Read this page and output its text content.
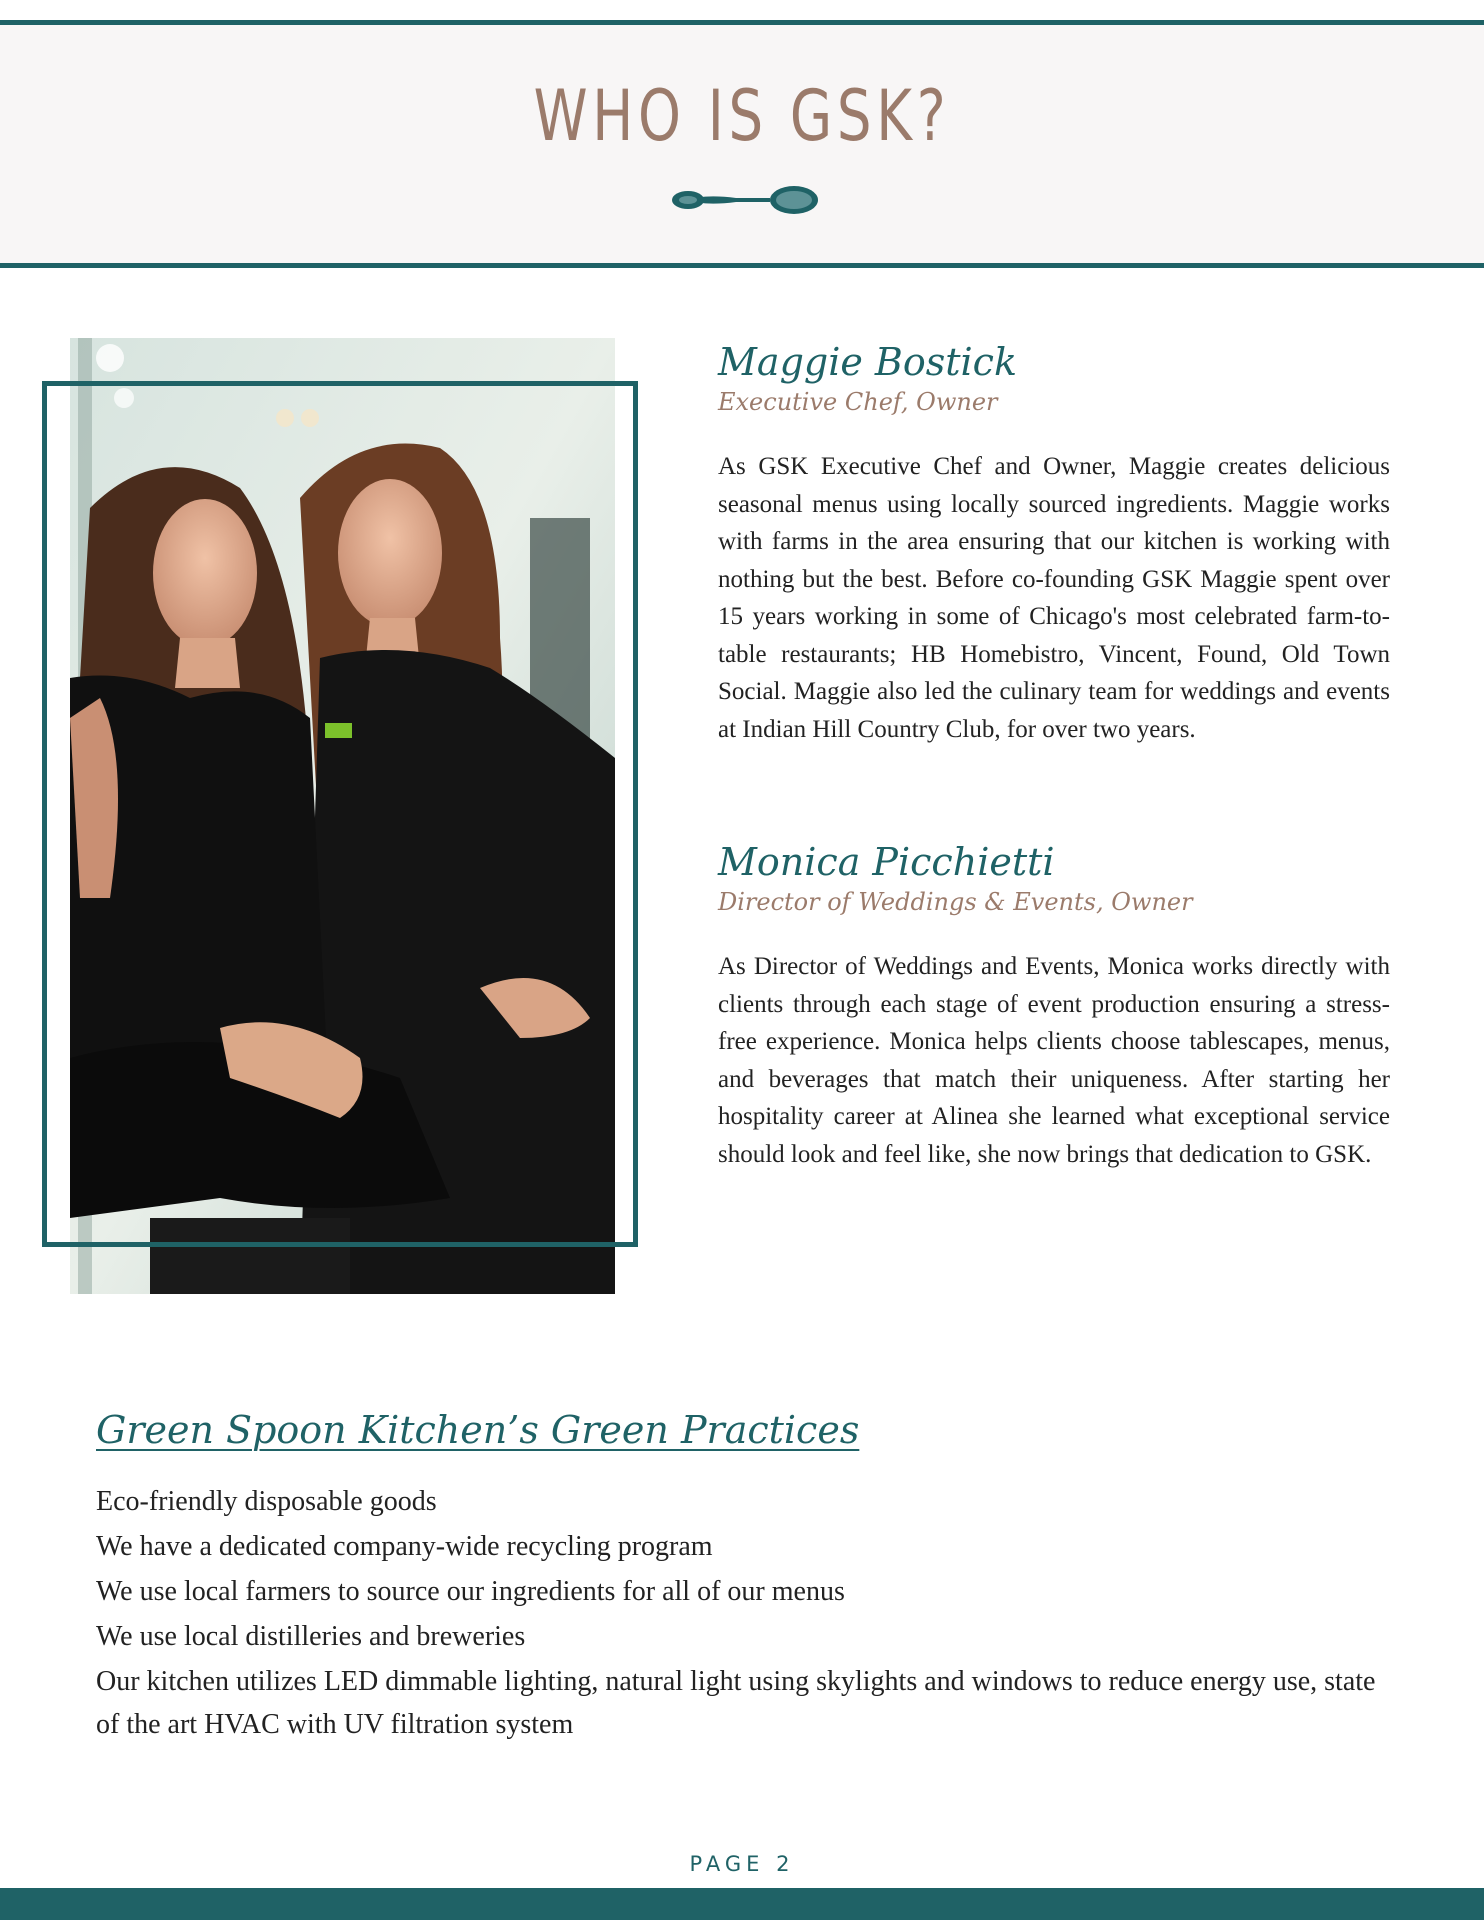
WHO IS GSK?
Maggie Bostick
Executive Chef, Owner

As GSK Executive Chef and Owner, Maggie creates delicious seasonal menus using locally sourced ingredients. Maggie works with farms in the area ensuring that our kitchen is working with nothing but the best. Before co-founding GSK Maggie spent over 15 years working in some of Chicago's most celebrated farm-to-table restaurants; HB Homebistro, Vincent, Found, Old Town Social. Maggie also led the culinary team for weddings and events at Indian Hill Country Club, for over two years.

Monica Picchietti
Director of Weddings & Events, Owner

As Director of Weddings and Events, Monica works directly with clients through each stage of event production ensuring a stress-free experience. Monica helps clients choose tablescapes, menus, and beverages that match their uniqueness. After starting her hospitality career at Alinea she learned what exceptional service should look and feel like, she now brings that dedication to GSK.

Green Spoon Kitchen’s Green Practices
Eco-friendly disposable goods
We have a dedicated company-wide recycling program
We use local farmers to source our ingredients for all of our menus
We use local distilleries and breweries
Our kitchen utilizes LED dimmable lighting, natural light using skylights and windows to reduce energy use, state of the art HVAC with UV filtration system
PAGE 2
